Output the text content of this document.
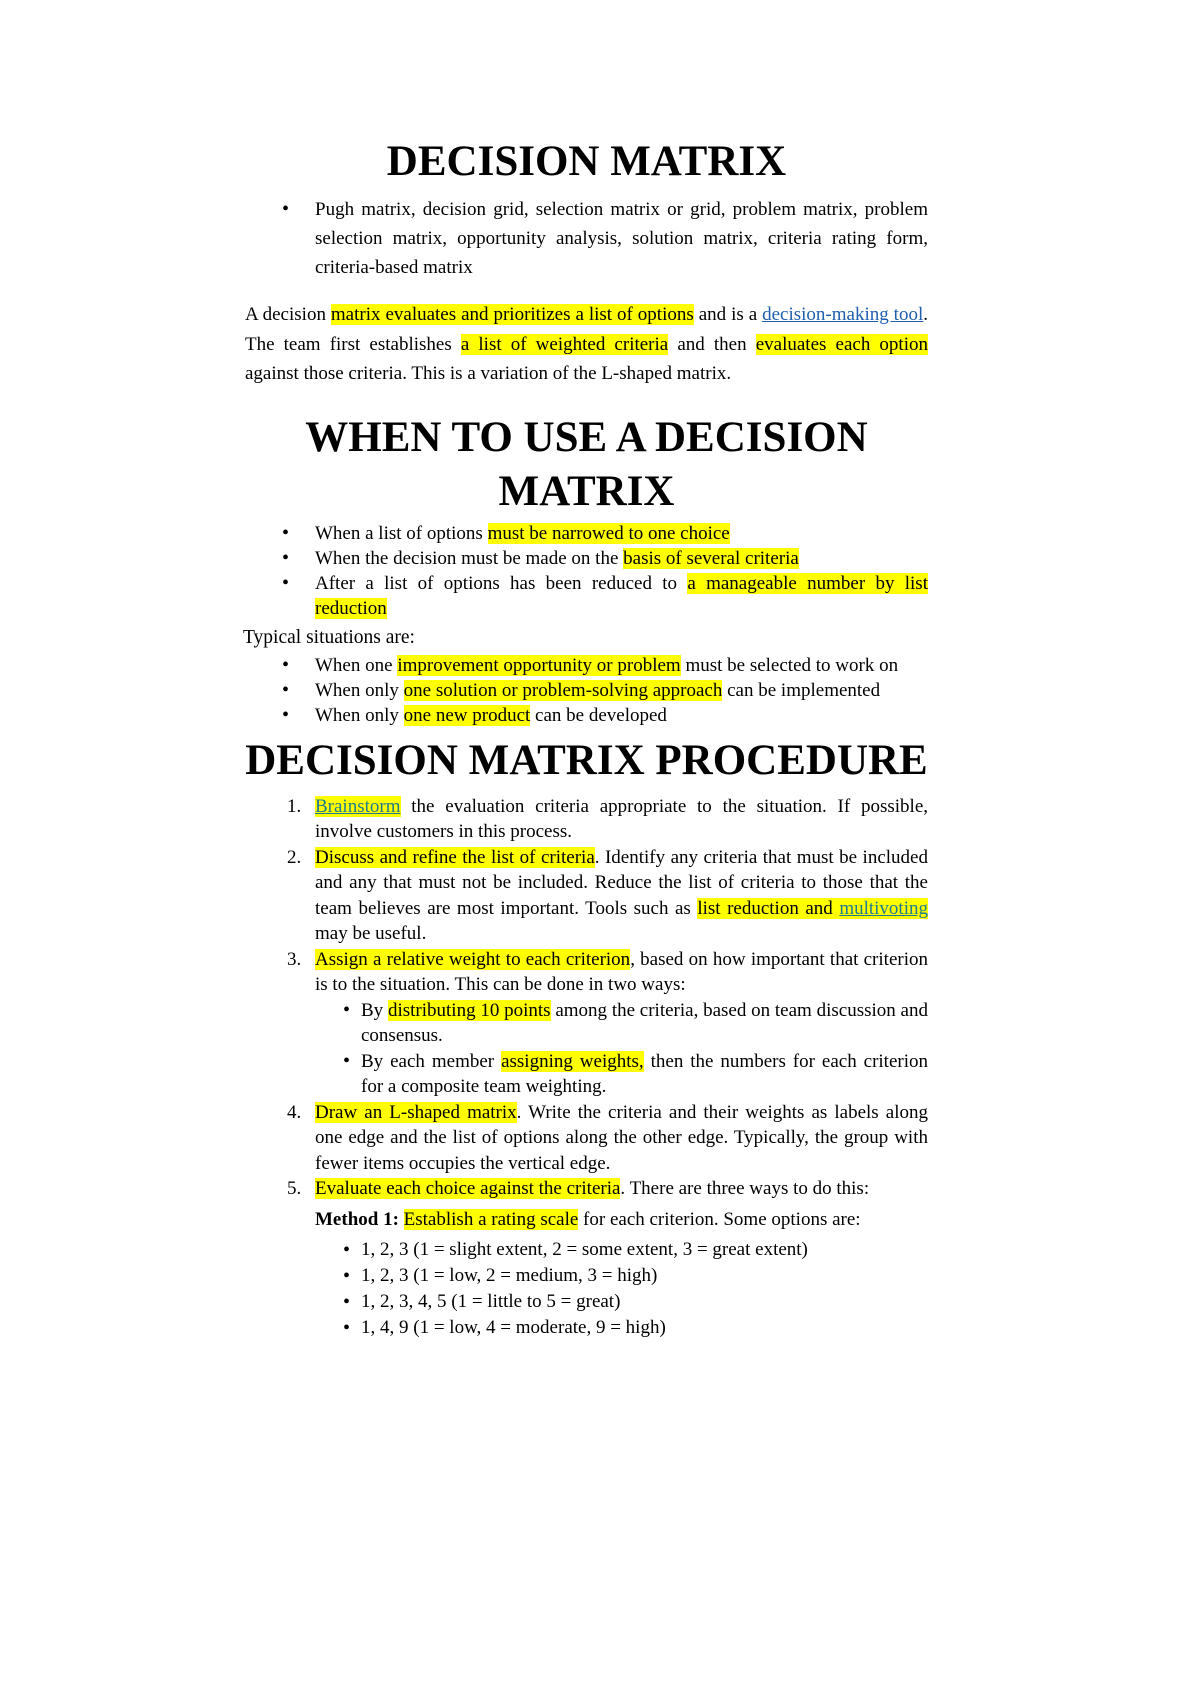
DECISION MATRIX
• Pugh matrix, decision grid, selection matrix or grid, problem matrix, problem selection matrix, opportunity analysis, solution matrix, criteria rating form, criteria-based matrix

A decision matrix evaluates and prioritizes a list of options and is a decision-making tool. The team first establishes a list of weighted criteria and then evaluates each option against those criteria. This is a variation of the L-shaped matrix.

WHEN TO USE A DECISION MATRIX
• When a list of options must be narrowed to one choice
• When the decision must be made on the basis of several criteria
• After a list of options has been reduced to a manageable number by list reduction

Typical situations are:

• When one improvement opportunity or problem must be selected to work on
• When only one solution or problem-solving approach can be implemented
• When only one new product can be developed
DECISION MATRIX PROCEDURE
1. Brainstorm the evaluation criteria appropriate to the situation. If possible, involve customers in this process.
2. Discuss and refine the list of criteria. Identify any criteria that must be included and any that must not be included. Reduce the list of criteria to those that the team believes are most important. Tools such as list reduction and multivoting may be useful.
3. Assign a relative weight to each criterion, based on how important that criterion is to the situation. This can be done in two ways:
• By distributing 10 points among the criteria, based on team discussion and consensus.
• By each member assigning weights, then the numbers for each criterion for a composite team weighting.
4. Draw an L-shaped matrix. Write the criteria and their weights as labels along one edge and the list of options along the other edge. Typically, the group with fewer items occupies the vertical edge.
5. Evaluate each choice against the criteria. There are three ways to do this:

Method 1: Establish a rating scale for each criterion. Some options are:

• 1, 2, 3 (1 = slight extent, 2 = some extent, 3 = great extent)
• 1, 2, 3 (1 = low, 2 = medium, 3 = high)
• 1, 2, 3, 4, 5 (1 = little to 5 = great)
• 1, 4, 9 (1 = low, 4 = moderate, 9 = high)
